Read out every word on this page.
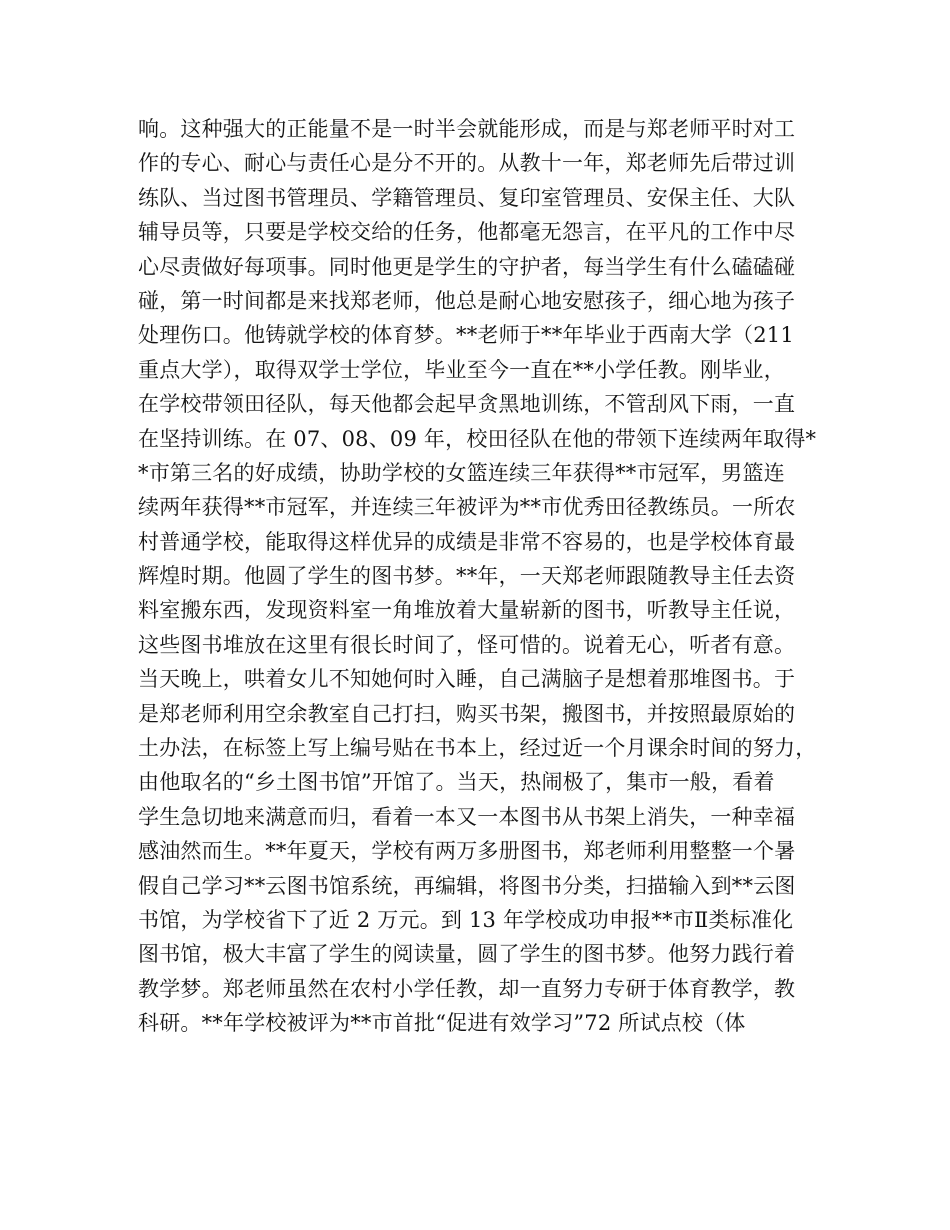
响。这种强大的正能量不是一时半会就能形成，而是与郑老师平时对工
作的专心、耐心与责任心是分不开的。从教十一年，郑老师先后带过训
练队、当过图书管理员、学籍管理员、复印室管理员、安保主任、大队
辅导员等，只要是学校交给的任务，他都毫无怨言，在平凡的工作中尽
心尽责做好每项事。同时他更是学生的守护者，每当学生有什么磕磕碰
碰，第一时间都是来找郑老师，他总是耐心地安慰孩子，细心地为孩子
处理伤口。他铸就学校的体育梦。**老师于**年毕业于西南大学（211
重点大学），取得双学士学位，毕业至今一直在**小学任教。刚毕业，
在学校带领田径队，每天他都会起早贪黑地训练，不管刮风下雨，一直
在坚持训练。在 07、08、09 年，校田径队在他的带领下连续两年取得*
*市第三名的好成绩，协助学校的女篮连续三年获得**市冠军，男篮连
续两年获得**市冠军，并连续三年被评为**市优秀田径教练员。一所农
村普通学校，能取得这样优异的成绩是非常不容易的，也是学校体育最
辉煌时期。他圆了学生的图书梦。**年，一天郑老师跟随教导主任去资
料室搬东西，发现资料室一角堆放着大量崭新的图书，听教导主任说，
这些图书堆放在这里有很长时间了，怪可惜的。说着无心，听者有意。
当天晚上，哄着女儿不知她何时入睡，自己满脑子是想着那堆图书。于
是郑老师利用空余教室自己打扫，购买书架，搬图书，并按照最原始的
土办法，在标签上写上编号贴在书本上，经过近一个月课余时间的努力，
由他取名的“乡土图书馆”开馆了。当天，热闹极了，集市一般，看着
学生急切地来满意而归，看着一本又一本图书从书架上消失，一种幸福
感油然而生。**年夏天，学校有两万多册图书，郑老师利用整整一个暑
假自己学习**云图书馆系统，再编辑，将图书分类，扫描输入到**云图
书馆，为学校省下了近 2 万元。到 13 年学校成功申报**市Ⅱ类标准化
图书馆，极大丰富了学生的阅读量，圆了学生的图书梦。他努力践行着
教学梦。郑老师虽然在农村小学任教，却一直努力专研于体育教学，教
科研。**年学校被评为**市首批“促进有效学习”72 所试点校（体
